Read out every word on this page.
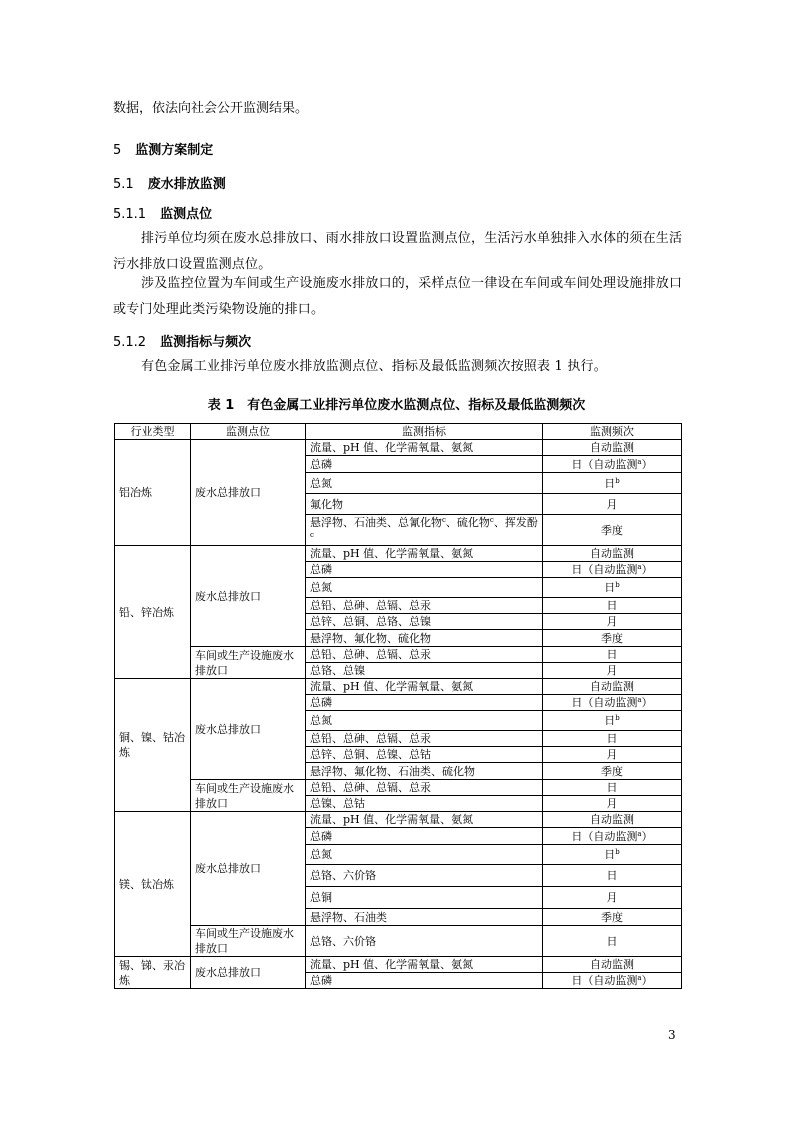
数据，依法向社会公开监测结果。
5 监测方案制定
5.1 废水排放监测
5.1.1 监测点位
排污单位均须在废水总排放口、雨水排放口设置监测点位，生活污水单独排入水体的须在生活污水排放口设置监测点位。
涉及监控位置为车间或生产设施废水排放口的，采样点位一律设在车间或车间处理设施排放口或专门处理此类污染物设施的排口。
5.1.2 监测指标与频次
有色金属工业排污单位废水排放监测点位、指标及最低监测频次按照表 1 执行。
表 1　有色金属工业排污单位废水监测点位、指标及最低监测频次
行业类型	监测点位	监测指标	监测频次
铝冶炼	废水总排放口	流量、pH 值、化学需氧量、氨氮	自动监测
		总磷	日（自动监测$^a$）
		总氮	日$^b$
		氟化物	月
		悬浮物、石油类、总氰化物$^c$、硫化物$^c$、挥发酚$^c$	季度
铅、锌冶炼	废水总排放口	流量、pH 值、化学需氧量、氨氮	自动监测
		总磷	日（自动监测$^a$）
		总氮	日$^b$
		总铅、总砷、总镉、总汞	日
		总锌、总铜、总铬、总镍	月
		悬浮物、氟化物、硫化物	季度
	车间或生产设施废水排放口	总铅、总砷、总镉、总汞	日
		总铬、总镍	月
铜、镍、钴冶炼	废水总排放口	流量、pH 值、化学需氧量、氨氮	自动监测
		总磷	日（自动监测$^a$）
		总氮	日$^b$
		总铅、总砷、总镉、总汞	日
		总锌、总铜、总镍、总钴	月
		悬浮物、氟化物、石油类、硫化物	季度
	车间或生产设施废水排放口	总铅、总砷、总镉、总汞	日
		总镍、总钴	月
镁、钛冶炼	废水总排放口	流量、pH 值、化学需氧量、氨氮	自动监测
		总磷	日（自动监测$^a$）
		总氮	日$^b$
		总铬、六价铬	日
		总铜	月
		悬浮物、石油类	季度
	车间或生产设施废水排放口	总铬、六价铬	日
锡、锑、汞冶炼	废水总排放口	流量、pH 值、化学需氧量、氨氮	自动监测
		总磷	日（自动监测$^a$）
3
